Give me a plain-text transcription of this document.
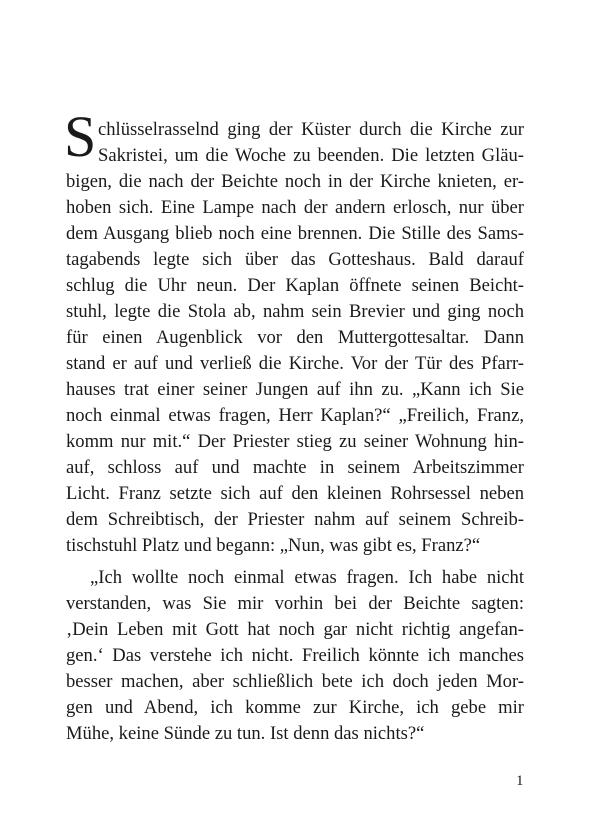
S chlüsselrasselnd ging der Küster durch die Kirche zur
Sakristei, um die Woche zu beenden. Die letzten Gläu-
bigen, die nach der Beichte noch in der Kirche knieten, er-
hoben sich. Eine Lampe nach der andern erlosch, nur über
dem Ausgang blieb noch eine brennen. Die Stille des Sams-
tagabends legte sich über das Gotteshaus. Bald darauf
schlug die Uhr neun. Der Kaplan öffnete seinen Beicht-
stuhl, legte die Stola ab, nahm sein Brevier und ging noch
für einen Augenblick vor den Muttergottesaltar. Dann
stand er auf und verließ die Kirche. Vor der Tür des Pfarr-
hauses trat einer seiner Jungen auf ihn zu. „Kann ich Sie
noch einmal etwas fragen, Herr Kaplan?“ „Freilich, Franz,
komm nur mit.“ Der Priester stieg zu seiner Wohnung hin-
auf, schloss auf und machte in seinem Arbeitszimmer
Licht. Franz setzte sich auf den kleinen Rohrsessel neben
dem Schreibtisch, der Priester nahm auf seinem Schreib-
tischstuhl Platz und begann: „Nun, was gibt es, Franz?“
„Ich wollte noch einmal etwas fragen. Ich habe nicht
verstanden, was Sie mir vorhin bei der Beichte sagten:
‚Dein Leben mit Gott hat noch gar nicht richtig angefan-
gen.‘ Das verstehe ich nicht. Freilich könnte ich manches
besser machen, aber schließlich bete ich doch jeden Mor-
gen und Abend, ich komme zur Kirche, ich gebe mir
Mühe, keine Sünde zu tun. Ist denn das nichts?“
1
